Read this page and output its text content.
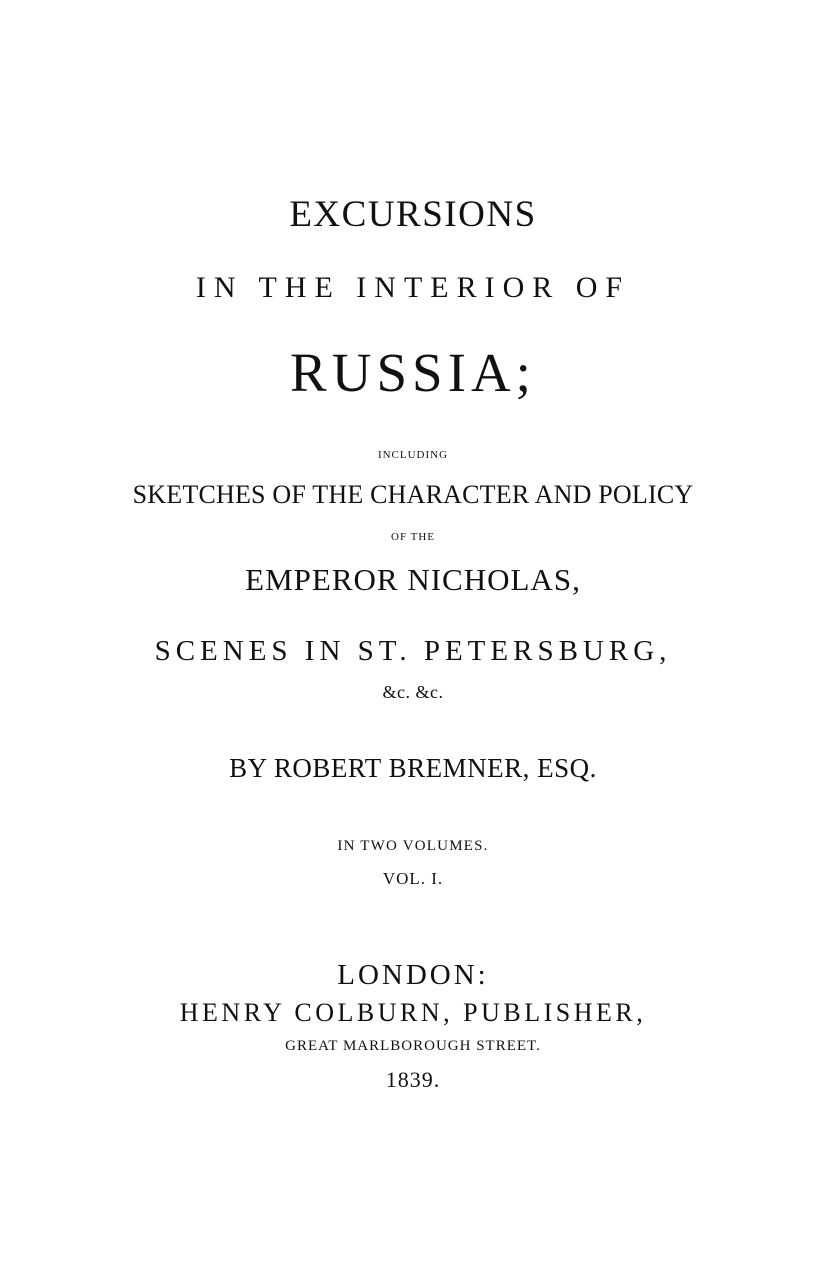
EXCURSIONS
IN THE INTERIOR OF
RUSSIA;
INCLUDING
SKETCHES OF THE CHARACTER AND POLICY
OF THE
EMPEROR NICHOLAS,
SCENES IN ST. PETERSBURG,
&c. &c.
BY ROBERT BREMNER, ESQ.
IN TWO VOLUMES.
VOL. I.
LONDON:
HENRY COLBURN, PUBLISHER,
GREAT MARLBOROUGH STREET.
1839.
